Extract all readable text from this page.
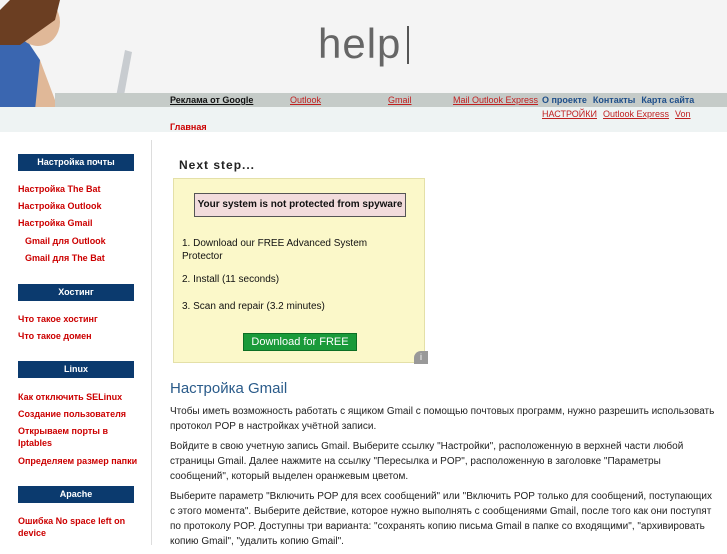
help
Реклама от Google	Outlook	Gmail	Mail Outlook Express О проекте Контакты Карта сайта
НАСТРОЙКИ Outlook Express Von
Главная
Настройка почты
Настройка The Bat
Настройка Outlook
Настройка Gmail
Gmail для Outlook
Gmail для The Bat
Хостинг
Что такое хостинг
Что такое домен
Linux
Как отключить SELinux
Создание пользователя
Открываем порты в Iptables
Определяем размер папки
Apache
Ошибка No space left on device
Next step...
Your system is not protected from spyware
1. Download our FREE Advanced System Protector
2. Install (11 seconds)
3. Scan and repair (3.2 minutes)
Download for FREE
i
Настройка Gmail

Чтобы иметь возможность работать с ящиком Gmail с помощью почтовых программ, нужно разрешить использовать протокол POP в настройках учётной записи.

Войдите в свою учетную запись Gmail. Выберите ссылку "Настройки", расположенную в верхней части любой страницы Gmail. Далее нажмите на ссылку "Пересылка и POP", расположенную в заголовке "Параметры сообщений", который выделен оранжевым цветом.

Выберите параметр "Включить POP для всех сообщений" или "Включить POP только для сообщений, поступающих с этого момента". Выберите действие, которое нужно выполнять с сообщениями Gmail, после того как они поступят по протоколу POP. Доступны три варианта: "сохранять копию письма Gmail в папке со входящими", "архивировать копию Gmail", "удалить копию Gmail".
